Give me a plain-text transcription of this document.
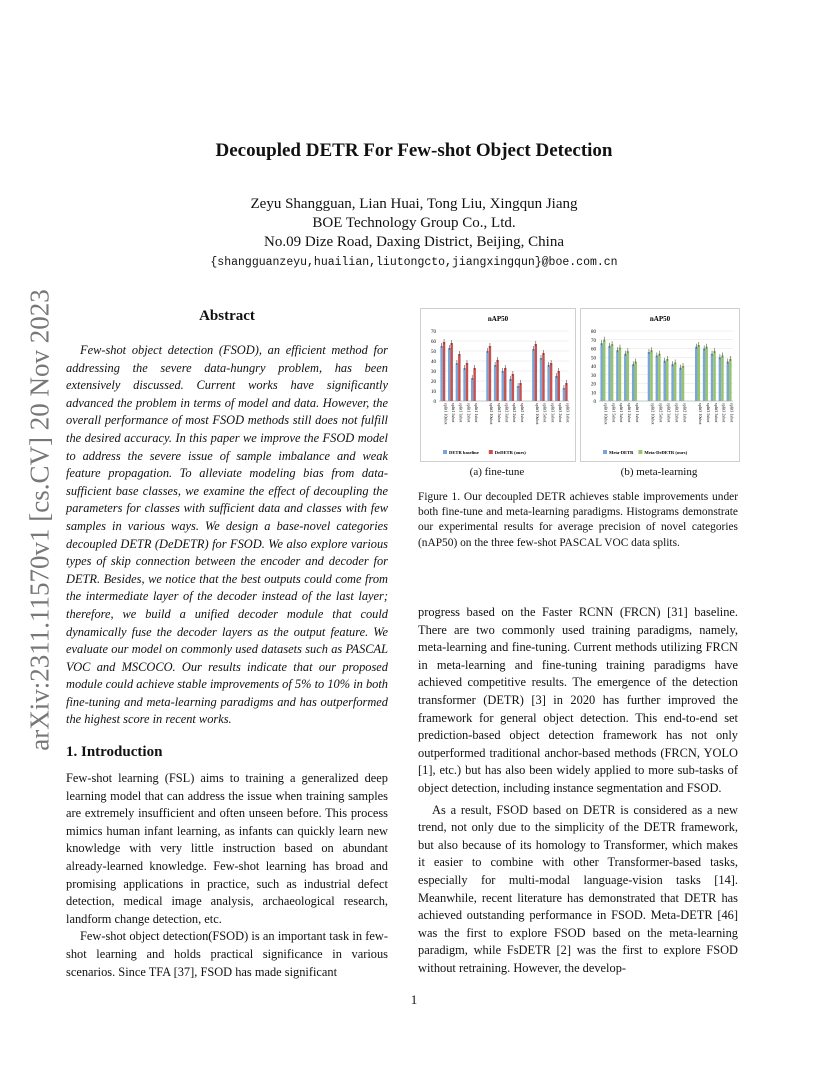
arXiv:2311.11570v1 [cs.CV] 20 Nov 2023
Decoupled DETR For Few-shot Object Detection
Zeyu Shangguan, Lian Huai, Tong Liu, Xingqun Jiang
BOE Technology Group Co., Ltd.
No.09 Dize Road, Daxing District, Beijing, China
{shangguanzeyu,huailian,liutongcto,jiangxingqun}@boe.com.cn
Abstract

Few-shot object detection (FSOD), an efficient method for addressing the severe data-hungry problem, has been extensively discussed. Current works have significantly advanced the problem in terms of model and data. However, the overall performance of most FSOD methods still does not fulfill the desired accuracy. In this paper we improve the FSOD model to address the severe issue of sample imbalance and weak feature propagation. To alleviate modeling bias from data-sufficient base classes, we examine the effect of decoupling the parameters for classes with sufficient data and classes with few samples in various ways. We design a base-novel categories decoupled DETR (DeDETR) for FSOD. We also explore various types of skip connection between the encoder and decoder for DETR. Besides, we notice that the best outputs could come from the intermediate layer of the decoder instead of the last layer; therefore, we build a unified decoder module that could dynamically fuse the decoder layers as the output feature. We evaluate our model on commonly used datasets such as PASCAL VOC and MSCOCO. Our results indicate that our proposed module could achieve stable improvements of 5% to 10% in both fine-tuning and meta-learning paradigms and has outperformed the highest score in recent works.

1. Introduction

Few-shot learning (FSL) aims to training a generalized deep learning model that can address the issue when training samples are extremely insufficient and often unseen before. This process mimics human infant learning, as infants can quickly learn new knowledge with very little instruction based on abundant already-learned knowledge. Few-shot learning has broad and promising applications in practice, such as industrial defect detection, medical image analysis, archaeological research, landform change detection, etc.

Few-shot object detection(FSOD) is an important task in few-shot learning and holds practical significance in various scenarios. Since TFA [37], FSOD has made significant

nAP50
0
10
20
30
40
50
60
70
split1 10shot split1 5shot split1 3shot split1 2shot split1 1shot split2 10shot split2 5shot split2 3shot split2 2shot split2 1shot split3 10shot split3 5shot split3 3shot split3 2shot split3 1shot
DETR baseline	DeDETR (ours)
nAP50
0
10
20
30
40
50
60
70
80
split1 10shot split1 5shot split1 3shot split1 2shot split1 1shot	split2 10shot split2 5shot split2 3shot split2 2shot split2 1shot	split3 10shot split3 5shot split3 3shot split3 2shot split3 1shot
Meta-DETR Meta-DeDETR (ours)
(a) fine-tune	(b) meta-learning
Figure 1. Our decoupled DETR achieves stable improvements under both fine-tune and meta-learning paradigms. Histograms demonstrate our experimental results for average precision of novel categories (nAP50) on the three few-shot PASCAL VOC data splits.

progress based on the Faster RCNN (FRCN) [31] baseline. There are two commonly used training paradigms, namely, meta-learning and fine-tuning. Current methods utilizing FRCN in meta-learning and fine-tuning training paradigms have achieved competitive results. The emergence of the detection transformer (DETR) [3] in 2020 has further improved the framework for general object detection. This end-to-end set prediction-based object detection framework has not only outperformed traditional anchor-based methods (FRCN, YOLO [1], etc.) but has also been widely applied to more sub-tasks of object detection, including instance segmentation and FSOD.

As a result, FSOD based on DETR is considered as a new trend, not only due to the simplicity of the DETR framework, but also because of its homology to Transformer, which makes it easier to combine with other Transformer-based tasks, especially for multi-modal language-vision tasks [14]. Meanwhile, recent literature has demonstrated that DETR has achieved outstanding performance in FSOD. Meta-DETR [46] was the first to explore FSOD based on the meta-learning paradigm, while FsDETR [2] was the first to explore FSOD without retraining. However, the develop-

1
